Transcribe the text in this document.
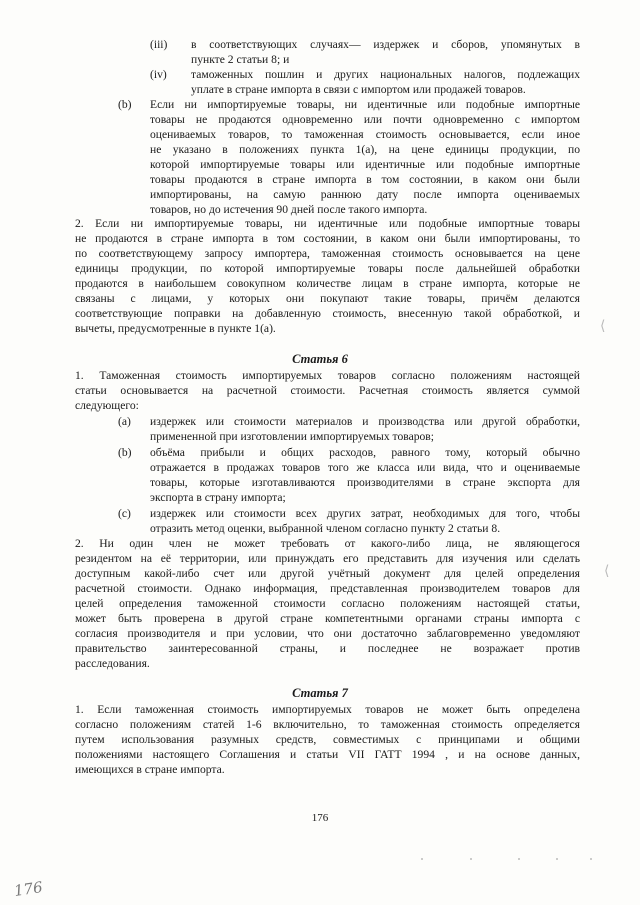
(iii) в соответствующих случаях— издержек и сборов, упомянутых в
пункте 2 статьи 8; и
(iv) таможенных пошлин и других национальных налогов, подлежащих
уплате в стране импорта в связи с импортом или продажей товаров.
(b) Если ни импортируемые товары, ни идентичные или подобные импортные
товары не продаются одновременно или почти одновременно с импортом
оцениваемых товаров, то таможенная стоимость основывается, если иное
не указано в положениях пункта 1(a), на цене единицы продукции, по
которой импортируемые товары или идентичные или подобные импортные
товары продаются в стране импорта в том состоянии, в каком они были
импортированы, на самую раннюю дату после импорта оцениваемых
товаров, но до истечения 90 дней после такого импорта.
2. Если ни импортируемые товары, ни идентичные или подобные импортные товары
не продаются в стране импорта в том состоянии, в каком они были импортированы, то
по соответствующему запросу импортера, таможенная стоимость основывается на цене
единицы продукции, по которой импортируемые товары после дальнейшей обработки
продаются в наибольшем совокупном количестве лицам в стране импорта, которые не
связаны с лицами, у которых они покупают такие товары, причём делаются
соответствующие поправки на добавленную стоимость, внесенную такой обработкой, и
вычеты, предусмотренные в пункте 1(a).
Статья 6
1. Таможенная стоимость импортируемых товаров согласно положениям настоящей
статьи основывается на расчетной стоимости. Расчетная стоимость является суммой
следующего:
(a) издержек или стоимости материалов и производства или другой обработки,
примененной при изготовлении импортируемых товаров;
(b) объёма прибыли и общих расходов, равного тому, который обычно
отражается в продажах товаров того же класса или вида, что и оцениваемые
товары, которые изготавливаются производителями в стране экспорта для
экспорта в страну импорта;
(c) издержек или стоимости всех других затрат, необходимых для того, чтобы
отразить метод оценки, выбранной членом согласно пункту 2 статьи 8.
2. Ни один член не может требовать от какого-либо лица, не являющегося
резидентом на её территории, или принуждать его представить для изучения или сделать
доступным какой-либо счет или другой учётный документ для целей определения
расчетной стоимости. Однако информация, представленная производителем товаров для
целей определения таможенной стоимости согласно положениям настоящей статьи,
может быть проверена в другой стране компетентными органами страны импорта с
согласия производителя и при условии, что они достаточно заблаговременно уведомляют
правительство заинтересованной страны, и последнее не возражает против
расследования.
Статья 7
1. Если таможенная стоимость импортируемых товаров не может быть определена
согласно положениям статей 1-6 включительно, то таможенная стоимость определяется
путем использования разумных средств, совместимых с принципами и общими
положениями настоящего Соглашения и статьи VII ГАТТ 1994 , и на основе данных,
имеющихся в стране импорта.
176
176
⟨
⟨
